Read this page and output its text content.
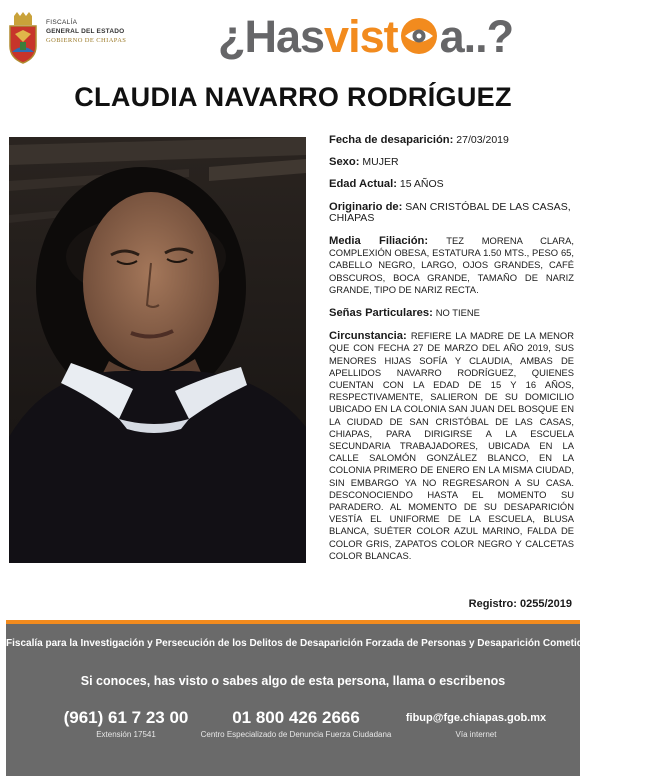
FISCALÍA
GENERAL DEL ESTADO
GOBIERNO DE CHIAPAS ¿Hasvist a..?
CLAUDIA NAVARRO RODRÍGUEZ
Fecha de desaparición: 27/03/2019
Sexo: MUJER
Edad Actual: 15 AÑOS
Originario de: SAN CRISTÓBAL DE LAS CASAS, CHIAPAS
Media Filiación: TEZ MORENA CLARA, COMPLEXIÓN OBESA, ESTATURA 1.50 MTS., PESO 65, CABELLO NEGRO, LARGO, OJOS GRANDES, CAFÉ OBSCUROS, BOCA GRANDE, TAMAÑO DE NARIZ GRANDE, TIPO DE NARIZ RECTA.
Señas Particulares: NO TIENE
Circunstancia: REFIERE LA MADRE DE LA MENOR QUE CON FECHA 27 DE MARZO DEL AÑO 2019, SUS MENORES HIJAS SOFÍA Y CLAUDIA, AMBAS DE APELLIDOS NAVARRO RODRÍGUEZ, QUIENES CUENTAN CON LA EDAD DE 15 Y 16 AÑOS, RESPECTIVAMENTE, SALIERON DE SU DOMICILIO UBICADO EN LA COLONIA SAN JUAN DEL BOSQUE EN LA CIUDAD DE SAN CRISTÓBAL DE LAS CASAS, CHIAPAS, PARA DIRIGIRSE A LA ESCUELA SECUNDARIA TRABAJADORES, UBICADA EN LA CALLE SALOMÓN GONZÁLEZ BLANCO, EN LA COLONIA PRIMERO DE ENERO EN LA MISMA CIUDAD, SIN EMBARGO YA NO REGRESARON A SU CASA. DESCONOCIENDO HASTA EL MOMENTO SU PARADERO. AL MOMENTO DE SU DESAPARICIÓN VESTÍA EL UNIFORME DE LA ESCUELA, BLUSA BLANCA, SUÉTER COLOR AZUL MARINO, FALDA DE COLOR GRIS, ZAPATOS COLOR NEGRO Y CALCETAS COLOR BLANCAS.
Registro: 0255/2019
Fiscalía para la Investigación y Persecución de los Delitos de Desaparición Forzada de Personas y Desaparición Cometida por Particulares
Si conoces, has visto o sabes algo de esta persona, llama o escribenos
(961) 61 7 23 00
Extensión 17541
01 800 426 2666
Centro Especializado de Denuncia Fuerza Ciudadana
fibup@fge.chiapas.gob.mx
Vía internet
